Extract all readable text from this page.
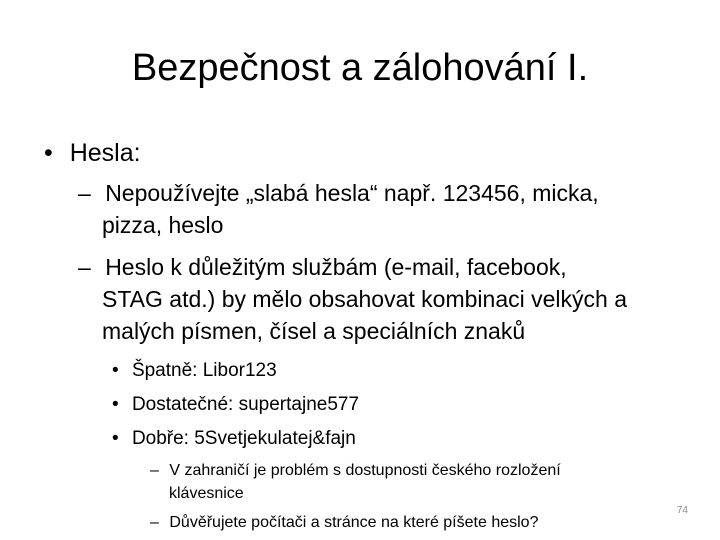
Bezpečnost a zálohování I.
• Hesla:
– Nepoužívejte „slabá hesla“ např. 123456, micka,
pizza, heslo
– Heslo k důležitým službám (e-mail, facebook,
STAG atd.) by mělo obsahovat kombinaci velkých a
malých písmen, čísel a speciálních znaků
• Špatně: Libor123
• Dostatečné: supertajne577
• Dobře: 5Svetjekulatej&fajn
– V zahraničí je problém s dostupnosti českého rozložení
klávesnice
– Důvěřujete počítači a stránce na které píšete heslo?
74
